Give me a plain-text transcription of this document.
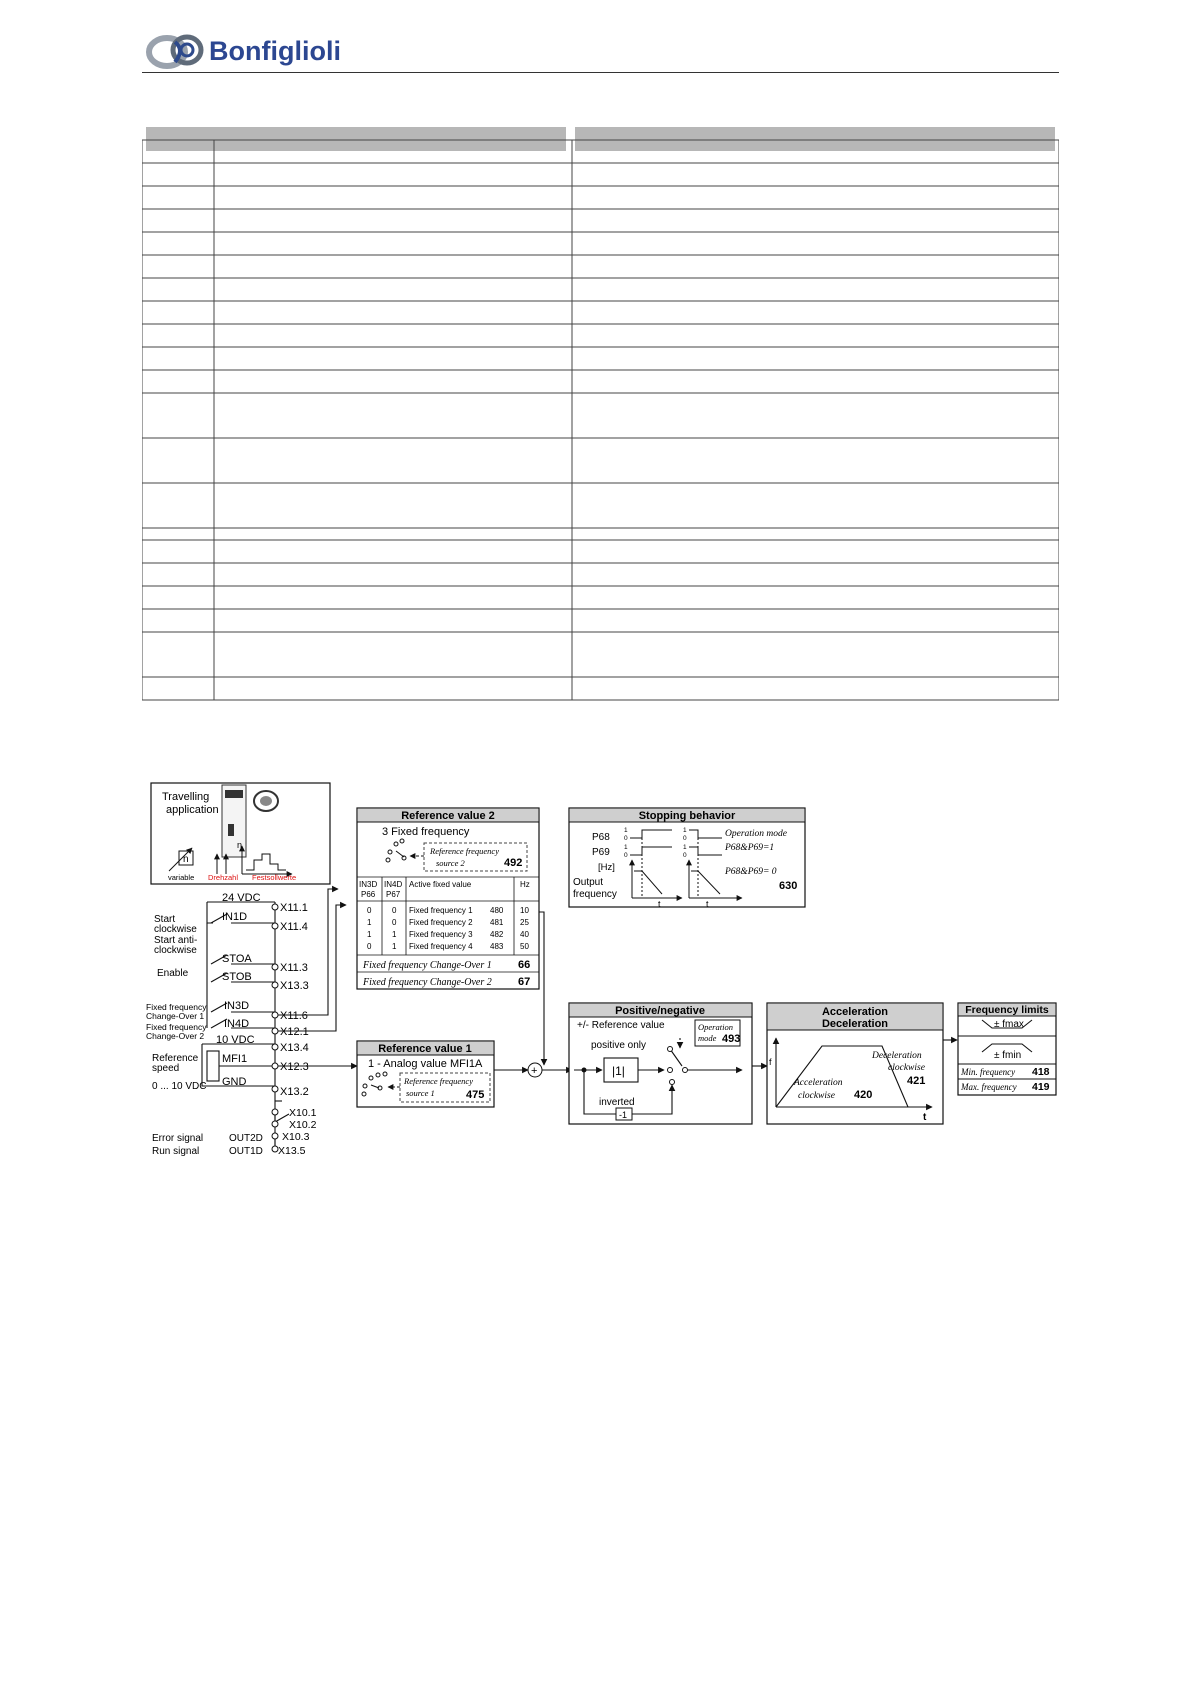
Bonfiglioli
Travelling
application
n
variable Drehzahl
n
Festsollwerte
24 VDC
X11.1
IN1D
X11.4
Start
clockwise
Start anti-
clockwise
STOA
X11.3
Enable	STOB
X13.3
Fixed frequency
Change-Over 1
IN3D
X11.6
Fixed frequency
Change-Over 2
IN4D
X12.1
10 VDC
X13.4
Reference
speed
MFI1
X12.3
0 ... 10 VDC GND
X13.2
X10.1
X10.2
Error signal	OUT2D X10.3
Run signal	OUT1D X13.5
+
Reference value 2
3 Fixed frequency
Reference frequency
source 2	492
IN3D
P66
IN4D
P67
Active fixed value	Hz
0	0 Fixed frequency 1 480 10
1	0 Fixed frequency 2 481 25
1	1 Fixed frequency 3 482 40
0	1 Fixed frequency 4 483 50
Fixed frequency Change-Over 1 66
Fixed frequency Change-Over 2 67
Reference value 1
1 - Analog value MFI1A
Reference frequency
source 1	475
Stopping behavior
P68
P69
1
0
1
0
1
0
1
0
Operation mode
P68&P69=1
P68&P69= 0
[Hz]
Output
frequency
t	t
630
Positive/negative
+/- Reference value	Operation
mode 493
positive only
|1|
inverted
-1
Acceleration
Deceleration
f
t
Deceleration
clockwise
421
Acceleration
clockwise 420
Frequency limits
± fmax
± fmin
Min. frequency 418
Max. frequency 419
